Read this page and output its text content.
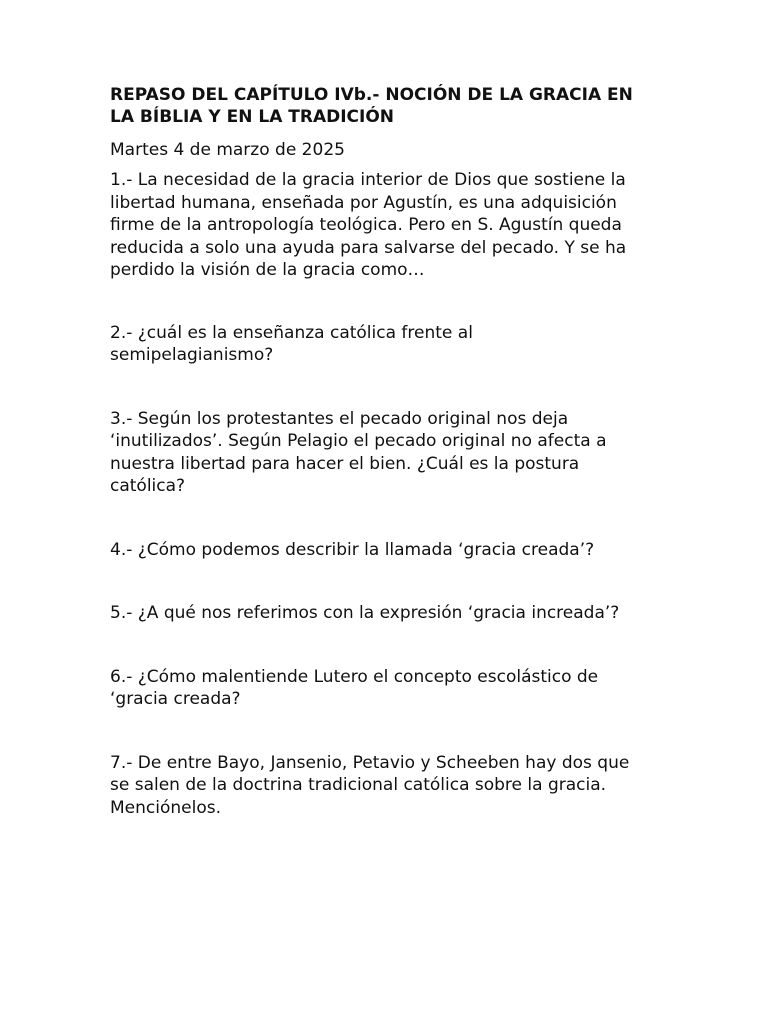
REPASO DEL CAPÍTULO IVb.- NOCIÓN DE LA GRACIA EN LA BÍBLIA Y EN LA TRADICIÓN

Martes 4 de marzo de 2025

1.- La necesidad de la gracia interior de Dios que sostiene la libertad humana, enseñada por Agustín, es una adquisición firme de la antropología teológica. Pero en S. Agustín queda reducida a solo una ayuda para salvarse del pecado. Y se ha perdido la visión de la gracia como…
2.- ¿cuál es la enseñanza católica frente al semipelagianismo?
3.- Según los protestantes el pecado original nos deja ‘inutilizados’. Según Pelagio el pecado original no afecta a nuestra libertad para hacer el bien. ¿Cuál es la postura católica?
4.- ¿Cómo podemos describir la llamada ‘gracia creada’?
5.- ¿A qué nos referimos con la expresión ‘gracia increada’?
6.- ¿Cómo malentiende Lutero el concepto escolástico de ‘gracia creada?
7.- De entre Bayo, Jansenio, Petavio y Scheeben hay dos que se salen de la doctrina tradicional católica sobre la gracia. Menciónelos.
